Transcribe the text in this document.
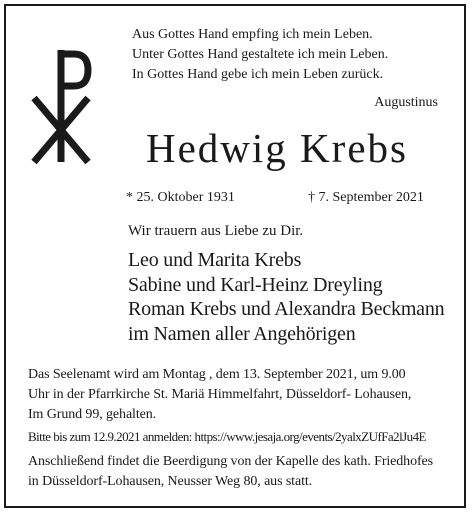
Aus Gottes Hand empfing ich mein Leben.
Unter Gottes Hand gestaltete ich mein Leben.
In Gottes Hand gebe ich mein Leben zurück.
Augustinus
Hedwig Krebs
* 25. Oktober 1931	† 7. September 2021
Wir trauern aus Liebe zu Dir.
Leo und Marita Krebs
Sabine und Karl-Heinz Dreyling
Roman Krebs und Alexandra Beckmann
im Namen aller Angehörigen
Das Seelenamt wird am Montag , dem 13. September 2021, um 9.00
Uhr in der Pfarrkirche St. Mariä Himmelfahrt, Düsseldorf- Lohausen,
Im Grund 99, gehalten.
Bitte bis zum 12.9.2021 anmelden: https://www.jesaja.org/events/2yalxZUfFa2lJu4E
Anschließend findet die Beerdigung von der Kapelle des kath. Friedhofes
in Düsseldorf-Lohausen, Neusser Weg 80, aus statt.
